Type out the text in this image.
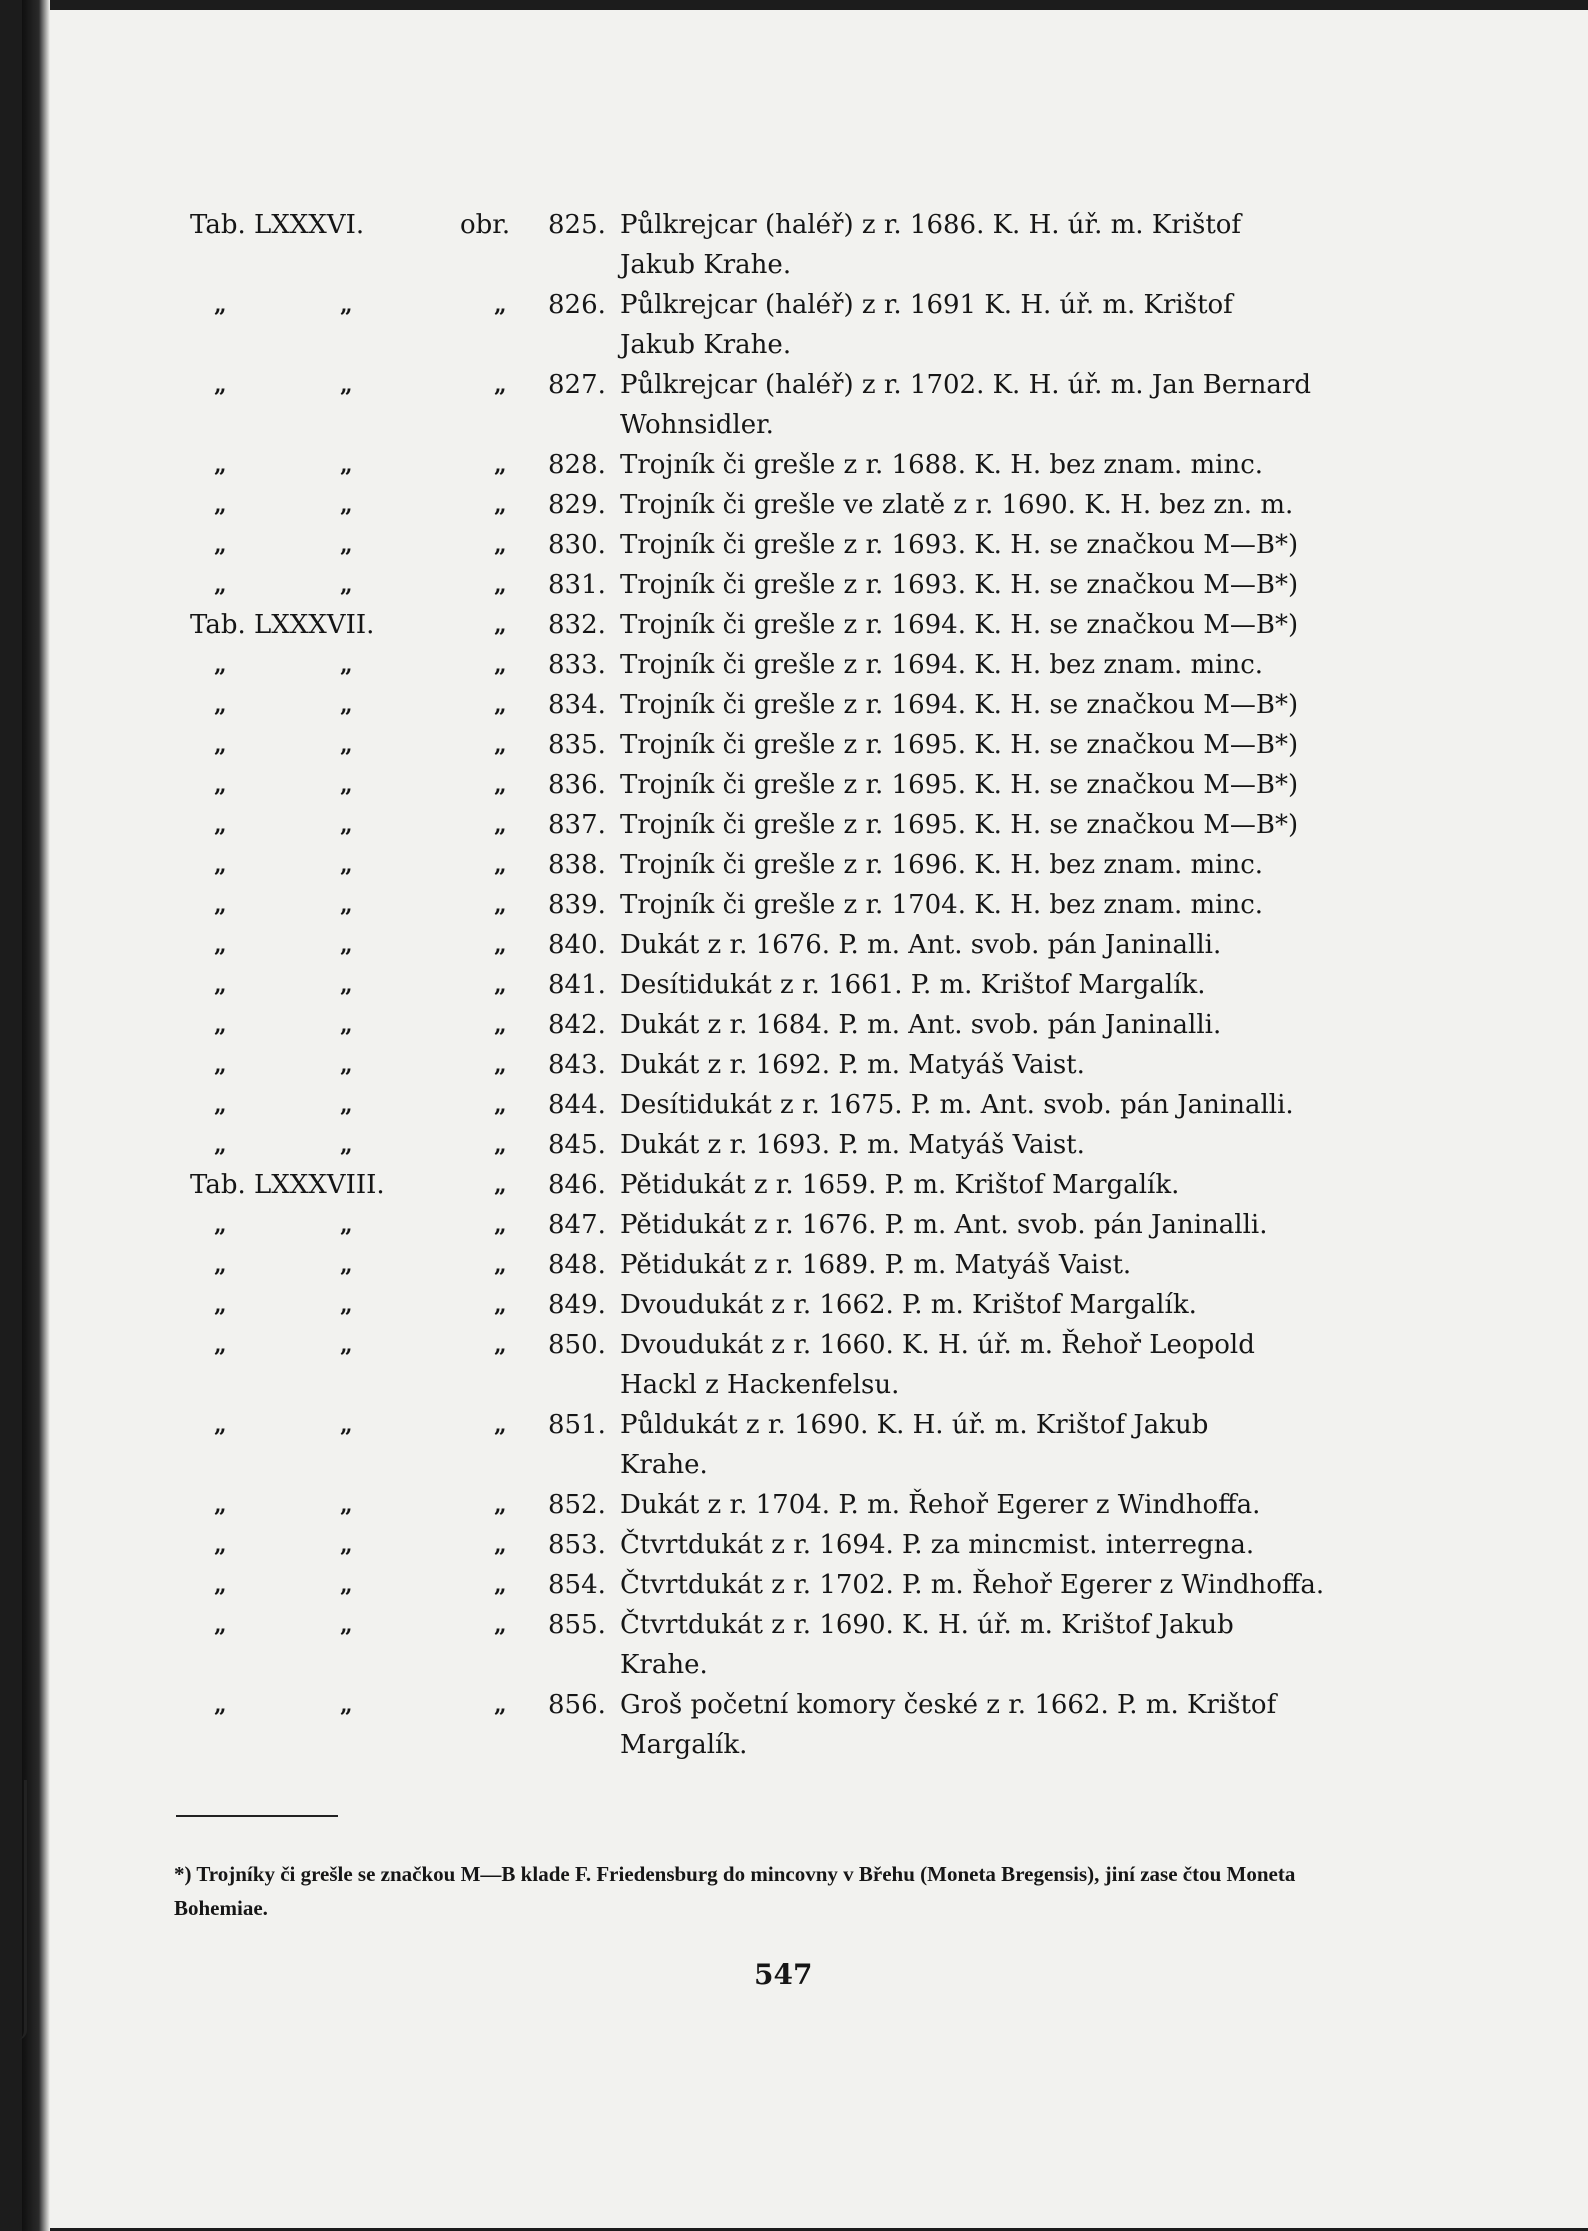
Tab. LXXXVI.	obr. 825. Půlkrejcar (haléř) z r. 1686. K. H. úř. m. Krištof
Jakub Krahe.
„	„	„ 826. Půlkrejcar (haléř) z r. 1691 K. H. úř. m. Krištof
Jakub Krahe.
„	„	„ 827. Půlkrejcar (haléř) z r. 1702. K. H. úř. m. Jan Bernard
Wohnsidler.
„	„	„ 828. Trojník či grešle z r. 1688. K. H. bez znam. minc.
„	„	„ 829. Trojník či grešle ve zlatě z r. 1690. K. H. bez zn. m.
„	„	„ 830. Trojník či grešle z r. 1693. K. H. se značkou M—B*)
„	„	„ 831. Trojník či grešle z r. 1693. K. H. se značkou M—B*)
Tab. LXXXVII.	„ 832. Trojník či grešle z r. 1694. K. H. se značkou M—B*)
„	„	„ 833. Trojník či grešle z r. 1694. K. H. bez znam. minc.
„	„	„ 834. Trojník či grešle z r. 1694. K. H. se značkou M—B*)
„	„	„ 835. Trojník či grešle z r. 1695. K. H. se značkou M—B*)
„	„	„ 836. Trojník či grešle z r. 1695. K. H. se značkou M—B*)
„	„	„ 837. Trojník či grešle z r. 1695. K. H. se značkou M—B*)
„	„	„ 838. Trojník či grešle z r. 1696. K. H. bez znam. minc.
„	„	„ 839. Trojník či grešle z r. 1704. K. H. bez znam. minc.
„	„	„ 840. Dukát z r. 1676. P. m. Ant. svob. pán Janinalli.
„	„	„ 841. Desítidukát z r. 1661. P. m. Krištof Margalík.
„	„	„ 842. Dukát z r. 1684. P. m. Ant. svob. pán Janinalli.
„	„	„ 843. Dukát z r. 1692. P. m. Matyáš Vaist.
„	„	„ 844. Desítidukát z r. 1675. P. m. Ant. svob. pán Janinalli.
„	„	„ 845. Dukát z r. 1693. P. m. Matyáš Vaist.
Tab. LXXXVIII.	„ 846. Pětidukát z r. 1659. P. m. Krištof Margalík.
„	„	„ 847. Pětidukát z r. 1676. P. m. Ant. svob. pán Janinalli.
„	„	„ 848. Pětidukát z r. 1689. P. m. Matyáš Vaist.
„	„	„ 849. Dvoudukát z r. 1662. P. m. Krištof Margalík.
„	„	„ 850. Dvoudukát z r. 1660. K. H. úř. m. Řehoř Leopold
Hackl z Hackenfelsu.
„	„	„ 851. Půldukát z r. 1690. K. H. úř. m. Krištof Jakub
Krahe.
„	„	„ 852. Dukát z r. 1704. P. m. Řehoř Egerer z Windhoffa.
„	„	„ 853. Čtvrtdukát z r. 1694. P. za mincmist. interregna.
„	„	„ 854. Čtvrtdukát z r. 1702. P. m. Řehoř Egerer z Windhoffa.
„	„	„ 855. Čtvrtdukát z r. 1690. K. H. úř. m. Krištof Jakub
Krahe.
„	„	„ 856. Groš početní komory české z r. 1662. P. m. Krištof
Margalík.
*) Trojníky či grešle se značkou M—B klade F. Friedensburg do mincovny v Břehu (Moneta Bregensis), jiní zase čtou Moneta Bohemiae.
547
